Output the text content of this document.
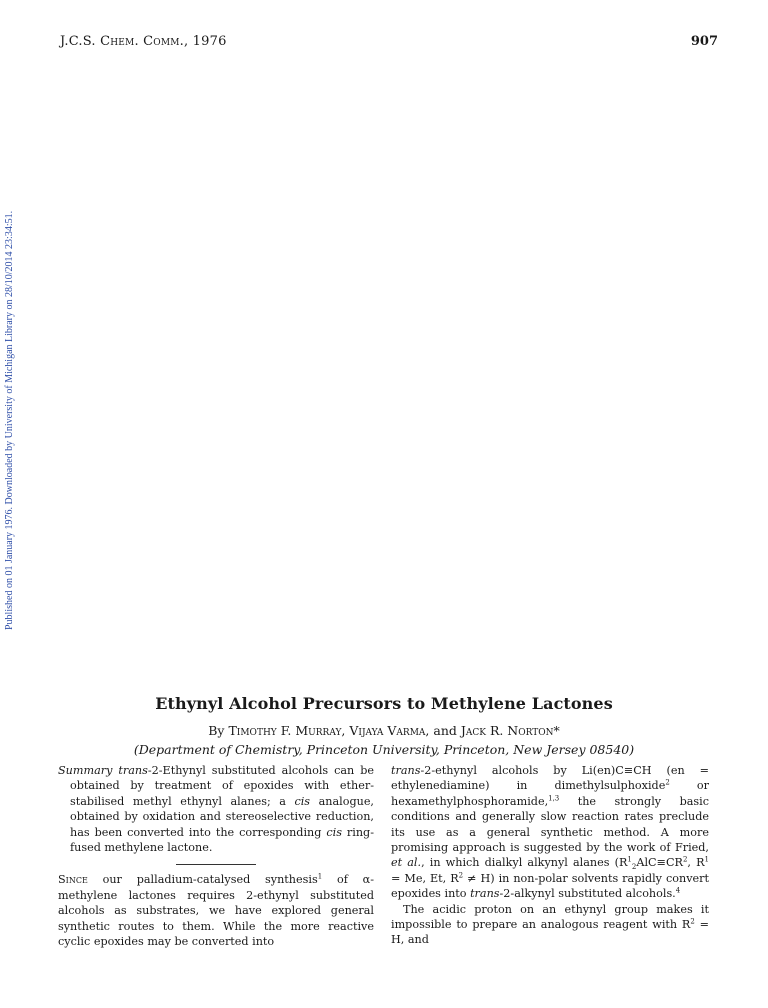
J.C.S. Chem. Comm., 1976	907
Published on 01 January 1976. Downloaded by University of Michigan Library on 28/10/2014 23:34:51.
Ethynyl Alcohol Precursors to Methylene Lactones
By Timothy F. Murray, Vijaya Varma, and Jack R. Norton*
(Department of Chemistry, Princeton University, Princeton, New Jersey 08540)

Summary trans-2-Ethynyl substituted alcohols can be obtained by treatment of epoxides with ether-stabilised methyl ethynyl alanes; a cis analogue, obtained by oxidation and stereoselective reduction, has been converted into the corresponding cis ring-fused methylene lactone.

Since our palladium-catalysed synthesis$^1$ of α-methylene lactones requires 2-ethynyl substituted alcohols as substrates, we have explored general synthetic routes to them. While the more reactive cyclic epoxides may be converted into

trans-2-ethynyl alcohols by Li(en)C≡CH (en = ethylenediamine) in dimethylsulphoxide$^2$ or hexamethylphosphoramide,$^{1,3}$ the strongly basic conditions and generally slow reaction rates preclude its use as a general synthetic method. A more promising approach is suggested by the work of Fried, et al., in which dialkyl alkynyl alanes ($R^1_2AlC\equiv CR^2$, $R^1 = Me$, Et, $R^2 \ne H$) in non-polar solvents rapidly convert epoxides into trans-2-alkynyl substituted alcohols.$^4$

The acidic proton on an ethynyl group makes it impossible to prepare an analogous reagent with $R^2 = H$, and
